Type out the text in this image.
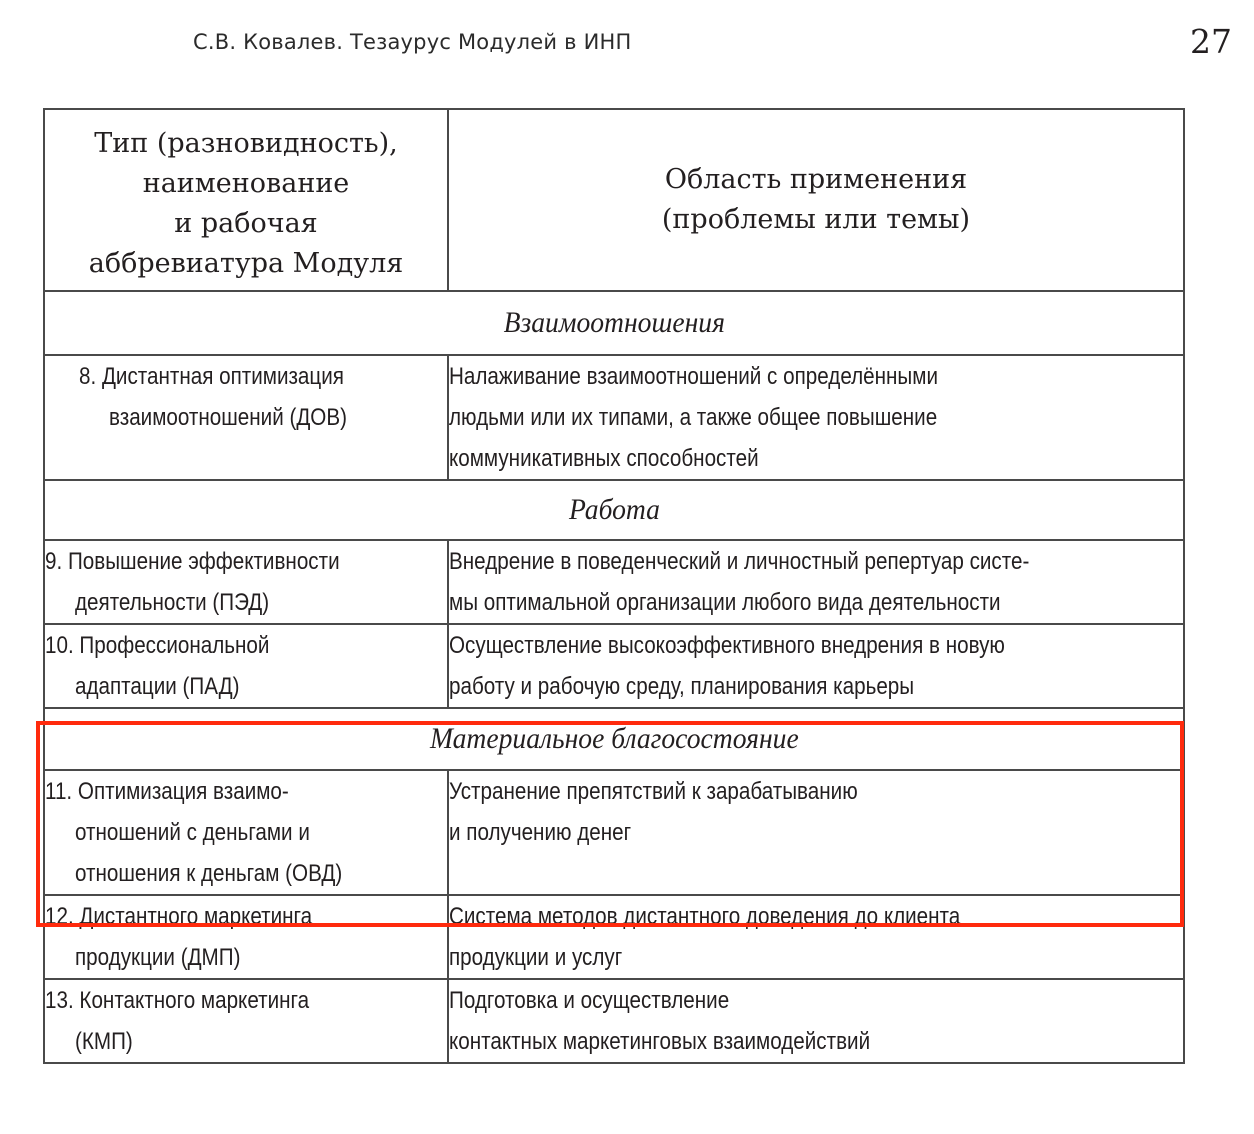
С.В. Ковалев. Тезаурус Модулей в ИНП	27
Тип (разновидность),
наименование
и рабочая
аббревиатура Модуля	Область применения
(проблемы или темы)

Взаимоотношения	

8. Дистантная оптимизация
взаимоотношений (ДОВ)	Налаживание взаимоотношений с определёнными
людьми или их типами, а также общее повышение
коммуникативных способностей

Работа	

9. Повышение эффективности
деятельности (ПЭД)	Внедрение в поведенческий и личностный репертуар систе-
мы оптимальной организации любого вида деятельности

10. Профессиональной
адаптации (ПАД)	Осуществление высокоэффективного внедрения в новую
работу и рабочую среду, планирования карьеры

Материальное благосостояние	

11. Оптимизация взаимо-
отношений с деньгами и
отношения к деньгам (ОВД)	Устранение препятствий к зарабатыванию
и получению денег

12. Дистантного маркетинга
продукции (ДМП)	Система методов дистантного доведения до клиента
продукции и услуг

13. Контактного маркетинга
(КМП)	Подготовка и осуществление
контактных маркетинговых взаимодействий
